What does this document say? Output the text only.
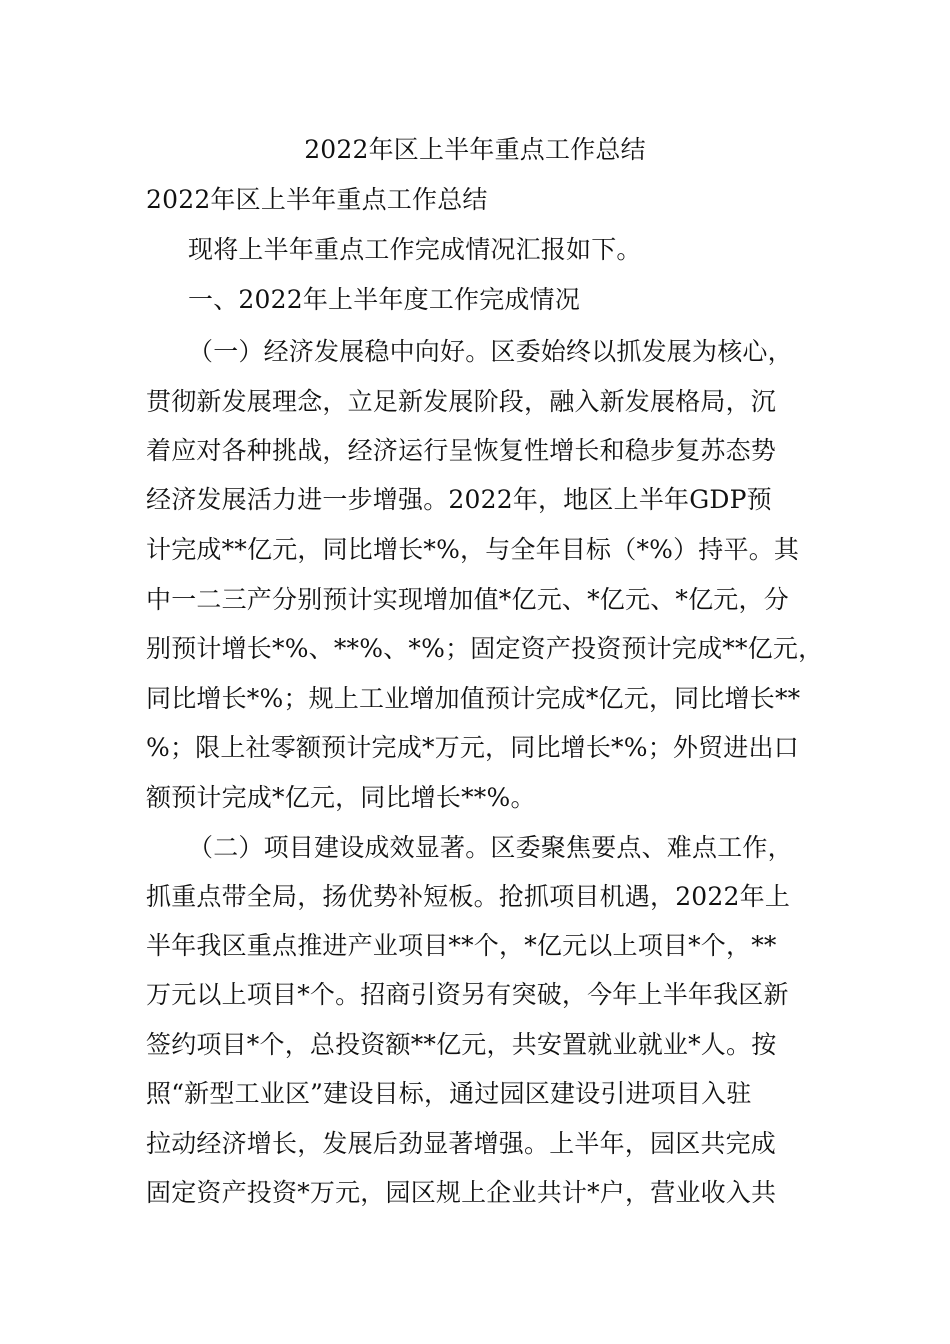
2022年区上半年重点工作总结
2022年区上半年重点工作总结
现将上半年重点工作完成情况汇报如下。
一、2022年上半年度工作完成情况
（一）经济发展稳中向好。区委始终以抓发展为核心，
贯彻新发展理念，立足新发展阶段，融入新发展格局，沉
着应对各种挑战，经济运行呈恢复性增长和稳步复苏态势
经济发展活力进一步增强。2022年，地区上半年GDP预
计完成**亿元，同比增长*%，与全年目标（*%）持平。其
中一二三产分别预计实现增加值*亿元、*亿元、*亿元，分
别预计增长*%、**%、*%；固定资产投资预计完成**亿元，
同比增长*%；规上工业增加值预计完成*亿元，同比增长**
%；限上社零额预计完成*万元，同比增长*%；外贸进出口
额预计完成*亿元，同比增长**%。
（二）项目建设成效显著。区委聚焦要点、难点工作，
抓重点带全局，扬优势补短板。抢抓项目机遇，2022年上
半年我区重点推进产业项目**个，*亿元以上项目*个，**
万元以上项目*个。招商引资另有突破，今年上半年我区新
签约项目*个，总投资额**亿元，共安置就业就业*人。按
照“新型工业区”建设目标，通过园区建设引进项目入驻
拉动经济增长，发展后劲显著增强。上半年，园区共完成
固定资产投资*万元，园区规上企业共计*户，营业收入共
